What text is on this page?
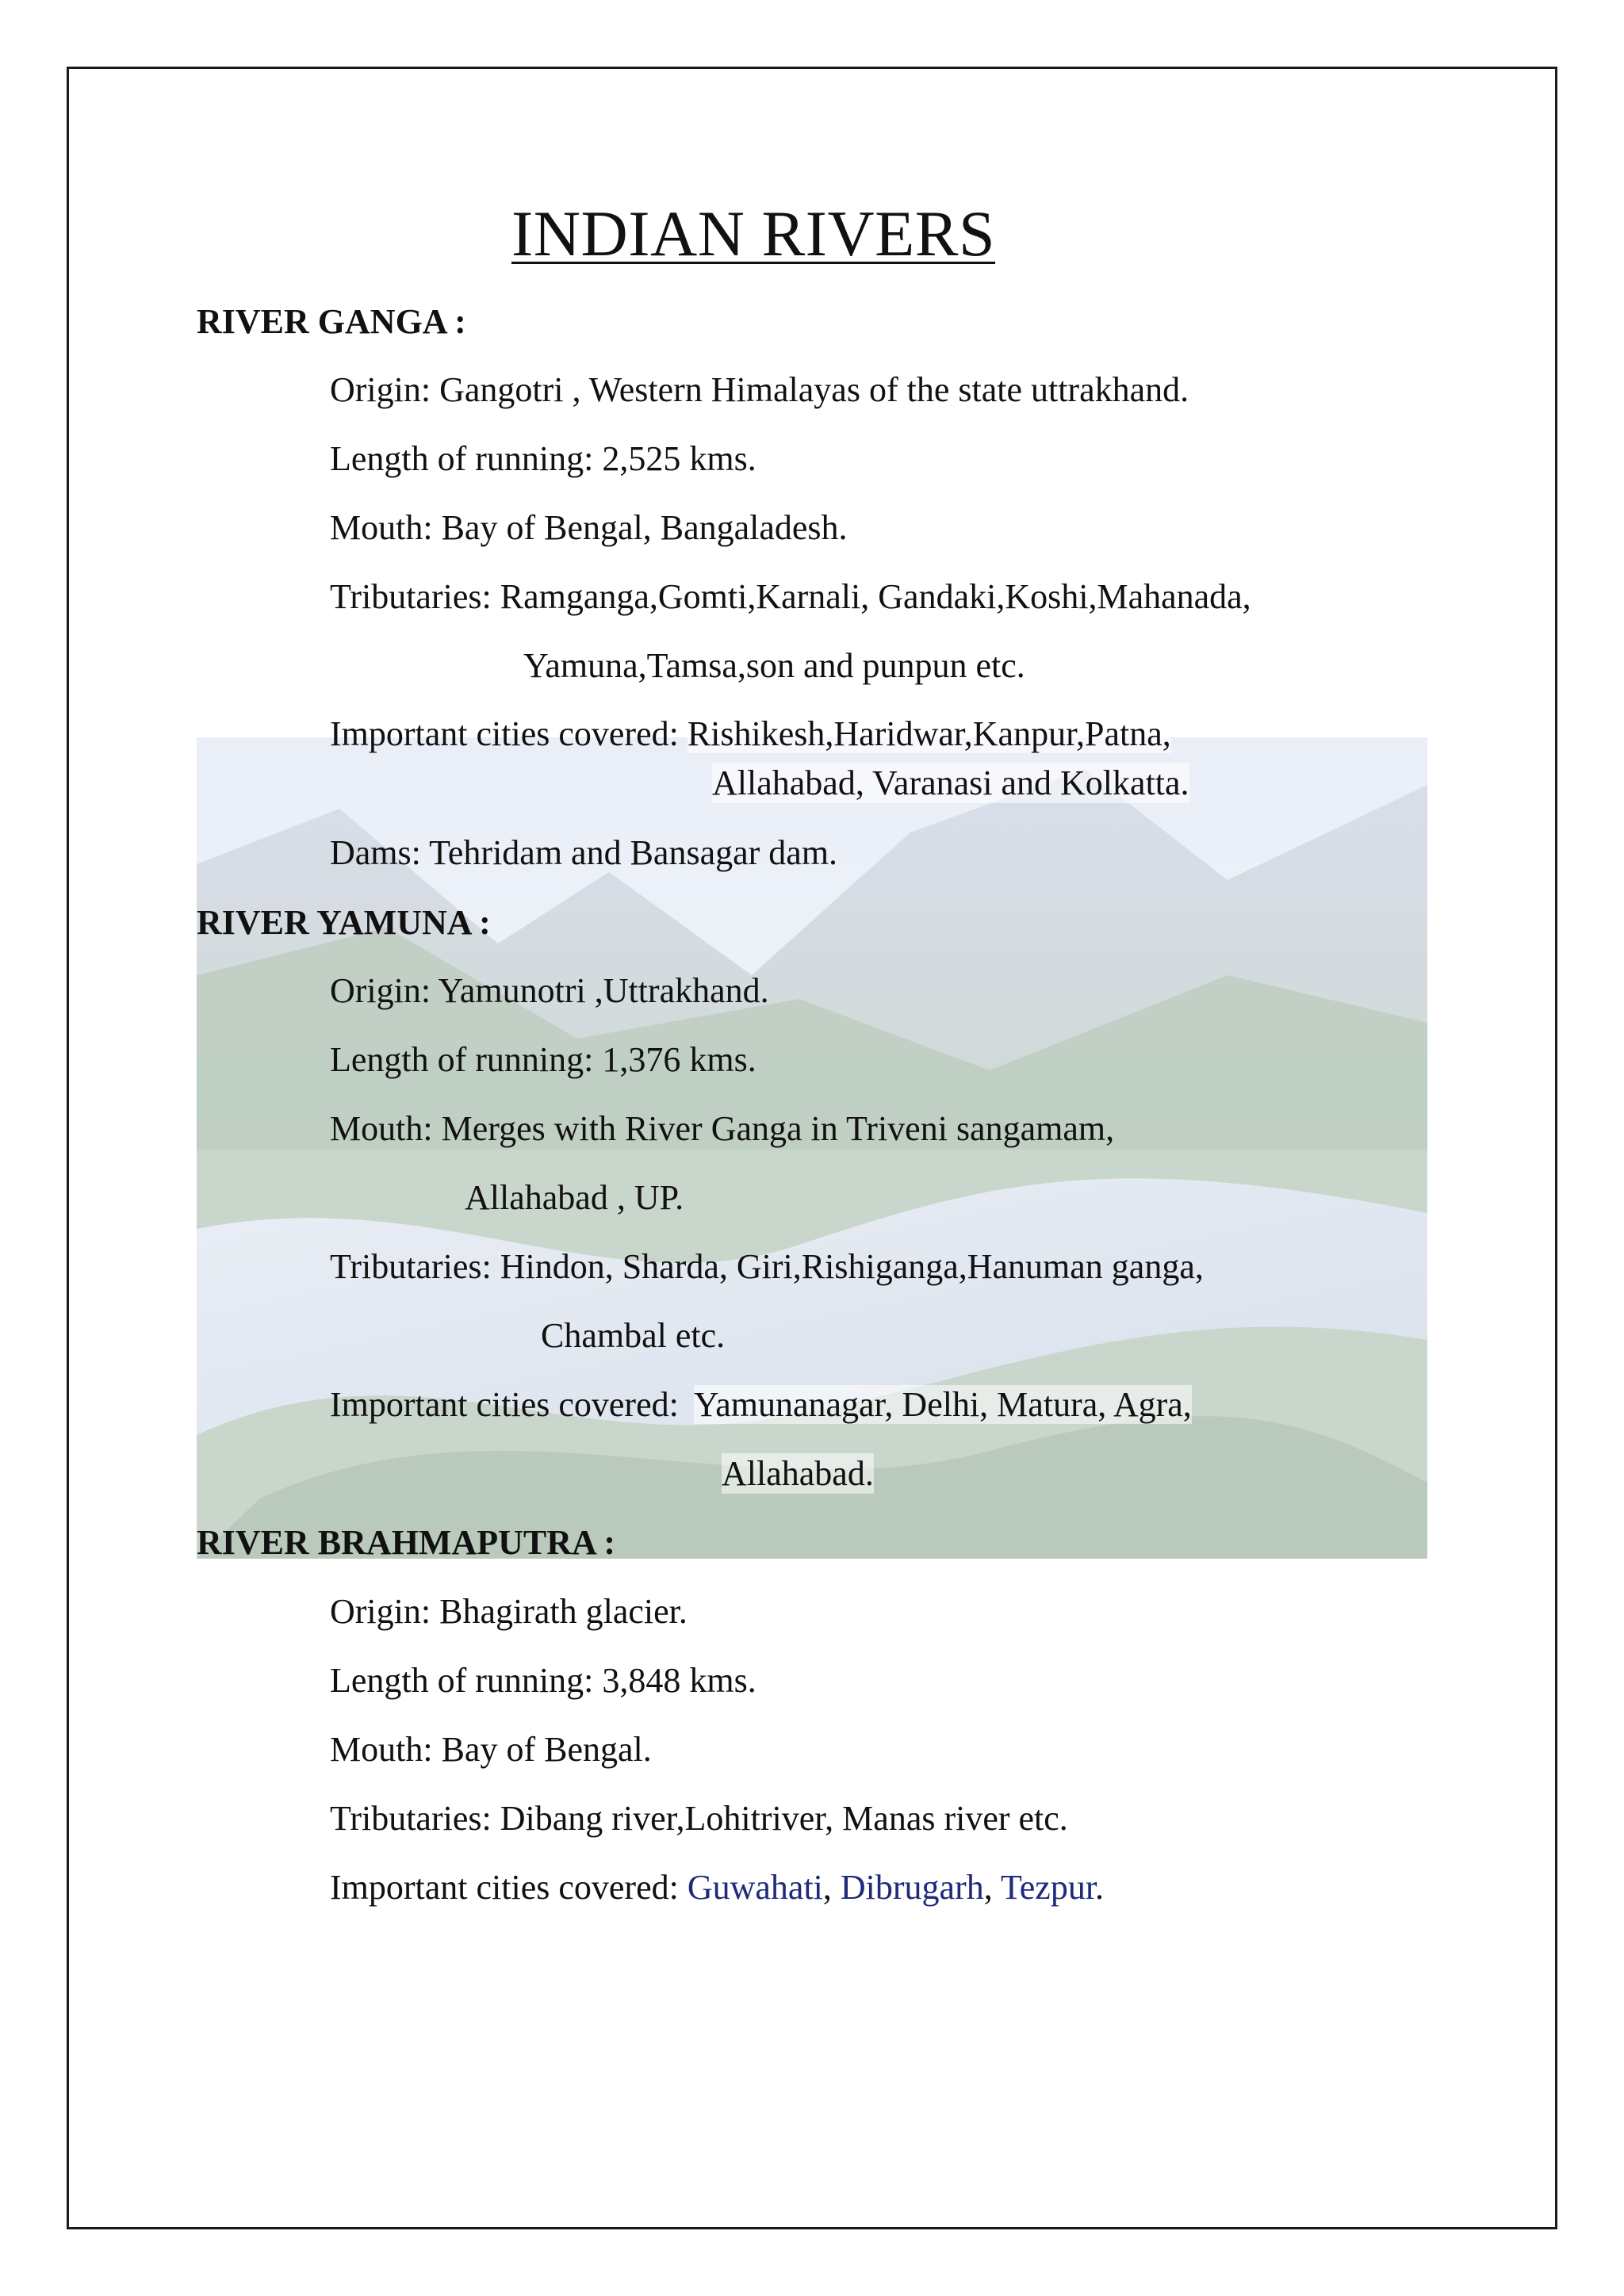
INDIAN RIVERS
RIVER GANGA :
Origin: Gangotri , Western Himalayas of the state uttrakhand.
Length of running: 2,525 kms.
Mouth: Bay of Bengal, Bangaladesh.
Tributaries: Ramganga,Gomti,Karnali, Gandaki,Koshi,Mahanada,
Yamuna,Tamsa,son and punpun etc.
Important cities covered: Rishikesh,Haridwar,Kanpur,Patna,
Allahabad, Varanasi and Kolkatta.
Dams: Tehridam and Bansagar dam.
RIVER YAMUNA :
Origin: Yamunotri ,Uttrakhand.
Length of running: 1,376 kms.
Mouth: Merges with River Ganga in Triveni sangamam,
Allahabad , UP.
Tributaries: Hindon, Sharda, Giri,Rishiganga,Hanuman ganga,
Chambal etc.
Important cities covered: Yamunanagar, Delhi, Matura, Agra,
Allahabad.
RIVER BRAHMAPUTRA :
Origin: Bhagirath glacier.
Length of running: 3,848 kms.
Mouth: Bay of Bengal.
Tributaries: Dibang river,Lohitriver, Manas river etc.
Important cities covered: Guwahati, Dibrugarh, Tezpur.
